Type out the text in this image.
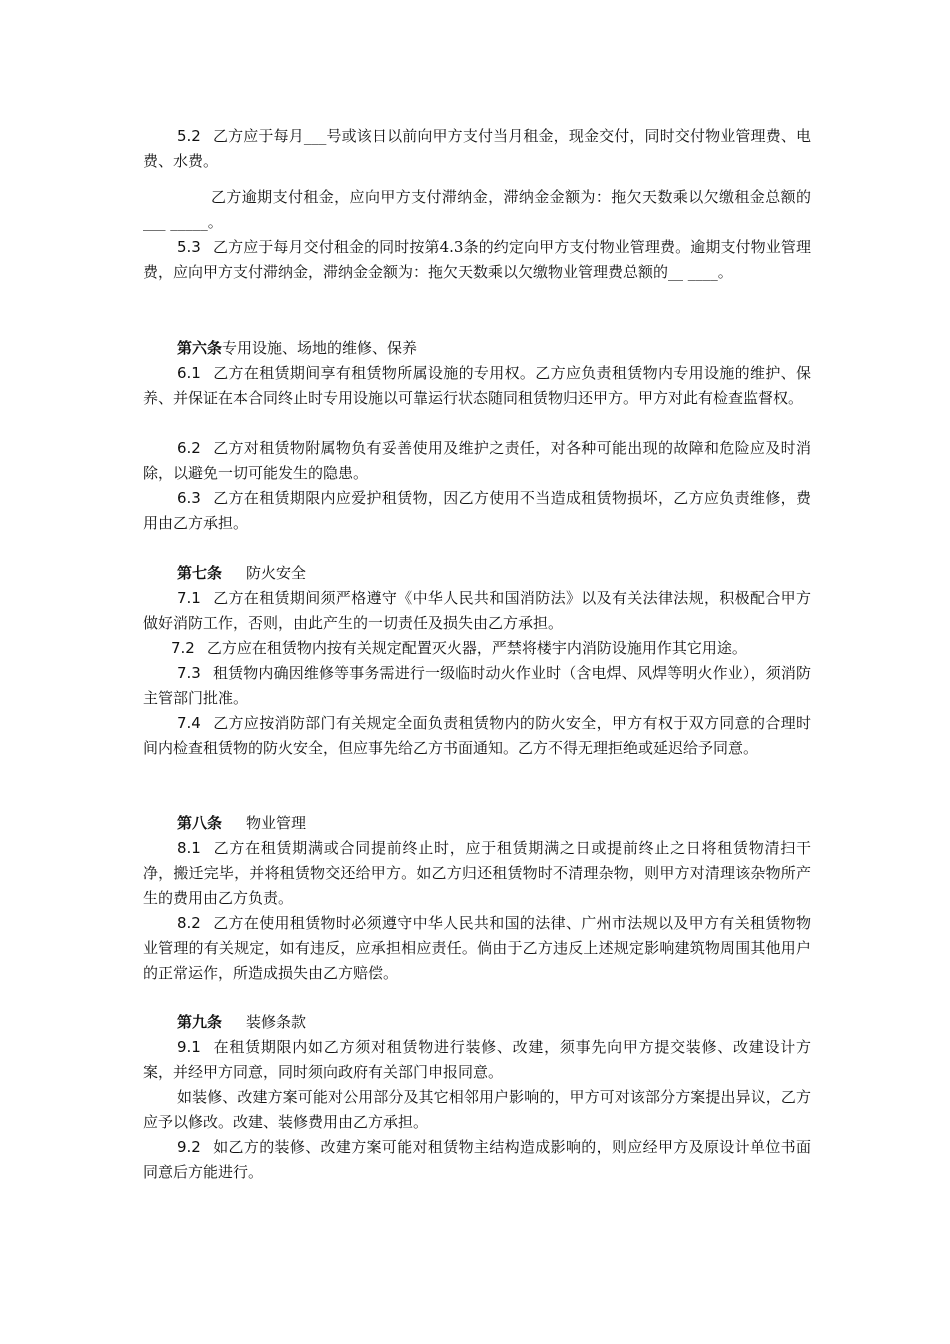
5.2 乙方应于每月___号或该日以前向甲方支付当月租金，现金交付，同时交付物业管理费、电费、水费。

乙方逾期支付租金，应向甲方支付滞纳金，滞纳金金额为：拖欠天数乘以欠缴租金总额的___ _____。

5.3 乙方应于每月交付租金的同时按第4.3条的约定向甲方支付物业管理费。逾期支付物业管理费，应向甲方支付滞纳金，滞纳金金额为：拖欠天数乘以欠缴物业管理费总额的__ ____。

第六条专用设施、场地的维修、保养

6.1 乙方在租赁期间享有租赁物所属设施的专用权。乙方应负责租赁物内专用设施的维护、保养、并保证在本合同终止时专用设施以可靠运行状态随同租赁物归还甲方。甲方对此有检查监督权。

6.2 乙方对租赁物附属物负有妥善使用及维护之责任，对各种可能出现的故障和危险应及时消除，以避免一切可能发生的隐患。

6.3 乙方在租赁期限内应爱护租赁物，因乙方使用不当造成租赁物损坏，乙方应负责维修，费用由乙方承担。

第七条 防火安全

7.1 乙方在租赁期间须严格遵守《中华人民共和国消防法》以及有关法律法规，积极配合甲方做好消防工作，否则，由此产生的一切责任及损失由乙方承担。

7.2 乙方应在租赁物内按有关规定配置灭火器，严禁将楼宇内消防设施用作其它用途。

7.3 租赁物内确因维修等事务需进行一级临时动火作业时（含电焊、风焊等明火作业），须消防主管部门批准。

7.4 乙方应按消防部门有关规定全面负责租赁物内的防火安全，甲方有权于双方同意的合理时间内检查租赁物的防火安全，但应事先给乙方书面通知。乙方不得无理拒绝或延迟给予同意。

第八条 物业管理

8.1 乙方在租赁期满或合同提前终止时，应于租赁期满之日或提前终止之日将租赁物清扫干净，搬迁完毕，并将租赁物交还给甲方。如乙方归还租赁物时不清理杂物，则甲方对清理该杂物所产生的费用由乙方负责。

8.2 乙方在使用租赁物时必须遵守中华人民共和国的法律、广州市法规以及甲方有关租赁物物业管理的有关规定，如有违反，应承担相应责任。倘由于乙方违反上述规定影响建筑物周围其他用户的正常运作，所造成损失由乙方赔偿。

第九条 装修条款

9.1 在租赁期限内如乙方须对租赁物进行装修、改建，须事先向甲方提交装修、改建设计方案，并经甲方同意，同时须向政府有关部门申报同意。

如装修、改建方案可能对公用部分及其它相邻用户影响的，甲方可对该部分方案提出异议，乙方应予以修改。改建、装修费用由乙方承担。

9.2 如乙方的装修、改建方案可能对租赁物主结构造成影响的，则应经甲方及原设计单位书面同意后方能进行。
